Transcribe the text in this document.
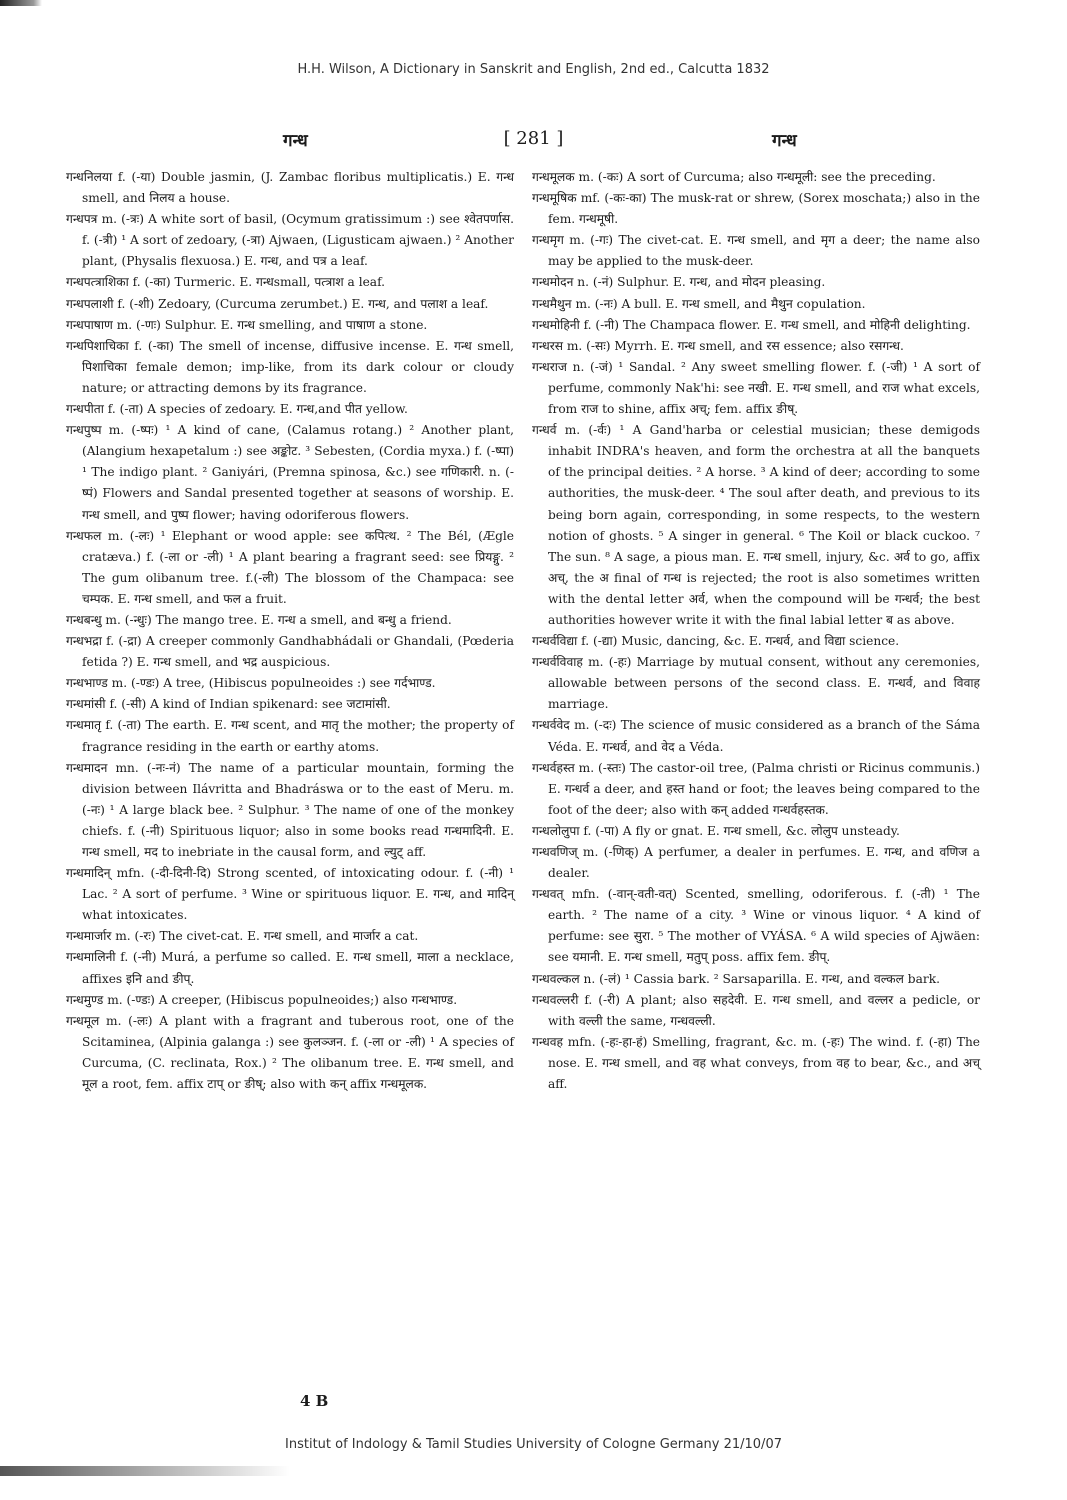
H.H. Wilson, A Dictionary in Sanskrit and English, 2nd ed., Calcutta 1832
गन्ध	[ 281 ]	गन्ध

गन्धनिलया f. (-या) Double jasmin, (J. Zambac floribus multiplicatis.) E. गन्ध smell, and निलय a house.

गन्धपत्र m. (-त्रः) A white sort of basil, (Ocymum gratissimum :) see श्वेतपर्णास. f. (-त्री) ¹ A sort of zedoary, (-त्रा) Ajwaen, (Ligusticam ajwaen.) ² Another plant, (Physalis flexuosa.) E. गन्ध, and पत्र a leaf.

गन्धपत्त्राशिका f. (-का) Turmeric. E. गन्धsmall, पत्त्राश a leaf.

गन्धपलाशी f. (-शी) Zedoary, (Curcuma zerumbet.) E. गन्ध, and पलाश a leaf.

गन्धपाषाण m. (-णः) Sulphur. E. गन्ध smelling, and पाषाण a stone.

गन्धपिशाचिका f. (-का) The smell of incense, diffusive incense. E. गन्ध smell, पिशाचिका female demon; imp-like, from its dark colour or cloudy nature; or attracting demons by its fragrance.

गन्धपीता f. (-ता) A species of zedoary. E. गन्ध,and पीत yellow.

गन्धपुष्प m. (-ष्पः) ¹ A kind of cane, (Calamus rotang.) ² Another plant, (Alangium hexapetalum :) see अङ्कोट. ³ Sebesten, (Cordia myxa.) f. (-ष्पा) ¹ The indigo plant. ² Ganiyári, (Premna spinosa, &c.) see गणिकारी. n. (-ष्पं) Flowers and Sandal presented together at seasons of worship. E. गन्ध smell, and पुष्प flower; having odoriferous flowers.

गन्धफल m. (-लः) ¹ Elephant or wood apple: see कपित्थ. ² The Bél, (Ægle cratæva.) f. (-ला or -ली) ¹ A plant bearing a fragrant seed: see प्रियङ्गु. ² The gum olibanum tree. f.(-ली) The blossom of the Champaca: see चम्पक. E. गन्ध smell, and फल a fruit.

गन्धबन्धु m. (-न्धुः) The mango tree. E. गन्ध a smell, and बन्धु a friend.

गन्धभद्रा f. (-द्रा) A creeper commonly Gandhabhádali or Ghandali, (Pœderia fetida ?) E. गन्ध smell, and भद्र auspicious.

गन्धभाण्ड m. (-ण्डः) A tree, (Hibiscus populneoides :) see गर्दभाण्ड.

गन्धमांसी f. (-सी) A kind of Indian spikenard: see जटामांसी.

गन्धमातृ f. (-ता) The earth. E. गन्ध scent, and मातृ the mother; the property of fragrance residing in the earth or earthy atoms.

गन्धमादन mn. (-नः-नं) The name of a particular mountain, forming the division between Ilávritta and Bhadráswa or to the east of Meru. m. (-नः) ¹ A large black bee. ² Sulphur. ³ The name of one of the monkey chiefs. f. (-नी) Spirituous liquor; also in some books read गन्धमादिनी. E. गन्ध smell, मद to inebriate in the causal form, and ल्युट् aff.

गन्धमादिन् mfn. (-दी-दिनी-दि) Strong scented, of intoxicating odour. f. (-नी) ¹ Lac. ² A sort of perfume. ³ Wine or spirituous liquor. E. गन्ध, and मादिन् what intoxicates.

गन्धमार्जार m. (-रः) The civet-cat. E. गन्ध smell, and मार्जार a cat.

गन्धमालिनी f. (-नी) Murá, a perfume so called. E. गन्ध smell, माला a necklace, affixes इनि and ङीप्.

गन्धमुण्ड m. (-ण्डः) A creeper, (Hibiscus populneoides;) also गन्धभाण्ड.

गन्धमूल m. (-लः) A plant with a fragrant and tuberous root, one of the Scitaminea, (Alpinia galanga :) see कुलञ्जन. f. (-ला or -ली) ¹ A species of Curcuma, (C. reclinata, Rox.) ² The olibanum tree. E. गन्ध smell, and मूल a root, fem. affix टाप् or ङीष्; also with कन् affix गन्धमूलक.

गन्धमूलक m. (-कः) A sort of Curcuma; also गन्धमूली: see the preceding.

गन्धमूषिक mf. (-कः-का) The musk-rat or shrew, (Sorex moschata;) also in the fem. गन्धमूषी.

गन्धमृग m. (-गः) The civet-cat. E. गन्ध smell, and मृग a deer; the name also may be applied to the musk-deer.

गन्धमोदन n. (-नं) Sulphur. E. गन्ध, and मोदन pleasing.

गन्धमैथुन m. (-नः) A bull. E. गन्ध smell, and मैथुन copulation.

गन्धमोहिनी f. (-नी) The Champaca flower. E. गन्ध smell, and मोहिनी delighting.

गन्धरस m. (-सः) Myrrh. E. गन्ध smell, and रस essence; also रसगन्ध.

गन्धराज n. (-जं) ¹ Sandal. ² Any sweet smelling flower. f. (-जी) ¹ A sort of perfume, commonly Nak'hi: see नखी. E. गन्ध smell, and राज what excels, from राज to shine, affix अच्; fem. affix ङीष्.

गन्धर्व m. (-र्वः) ¹ A Gand'harba or celestial musician; these demigods inhabit INDRA's heaven, and form the orchestra at all the banquets of the principal deities. ² A horse. ³ A kind of deer; according to some authorities, the musk-deer. ⁴ The soul after death, and previous to its being born again, corresponding, in some respects, to the western notion of ghosts. ⁵ A singer in general. ⁶ The Koil or black cuckoo. ⁷ The sun. ⁸ A sage, a pious man. E. गन्ध smell, injury, &c. अर्व to go, affix अच्, the अ final of गन्ध is rejected; the root is also sometimes written with the dental letter अर्व, when the compound will be गन्धर्व; the best authorities however write it with the final labial letter ब as above.

गन्धर्वविद्या f. (-द्या) Music, dancing, &c. E. गन्धर्व, and विद्या science.

गन्धर्वविवाह m. (-हः) Marriage by mutual consent, without any ceremonies, allowable between persons of the second class. E. गन्धर्व, and विवाह marriage.

गन्धर्ववेद m. (-दः) The science of music considered as a branch of the Sáma Véda. E. गन्धर्व, and वेद a Véda.

गन्धर्वहस्त m. (-स्तः) The castor-oil tree, (Palma christi or Ricinus communis.) E. गन्धर्व a deer, and हस्त hand or foot; the leaves being compared to the foot of the deer; also with कन् added गन्धर्वहस्तक.

गन्धलोलुपा f. (-पा) A fly or gnat. E. गन्ध smell, &c. लोलुप unsteady.

गन्धवणिज् m. (-णिक्) A perfumer, a dealer in perfumes. E. गन्ध, and वणिज a dealer.

गन्धवत् mfn. (-वान्-वती-वत्) Scented, smelling, odoriferous. f. (-ती) ¹ The earth. ² The name of a city. ³ Wine or vinous liquor. ⁴ A kind of perfume: see सुरा. ⁵ The mother of VYÁSA. ⁶ A wild species of Ajwäen: see यमानी. E. गन्ध smell, मतुप् poss. affix fem. ङीप्.

गन्धवल्कल n. (-लं) ¹ Cassia bark. ² Sarsaparilla. E. गन्ध, and वल्कल bark.

गन्धवल्लरी f. (-री) A plant; also सहदेवी. E. गन्ध smell, and वल्लर a pedicle, or with वल्ली the same, गन्धवल्ली.

गन्धवह mfn. (-हः-हा-हं) Smelling, fragrant, &c. m. (-हः) The wind. f. (-हा) The nose. E. गन्ध smell, and वह what conveys, from वह to bear, &c., and अच् aff.

4 B
Institut of Indology & Tamil Studies University of Cologne Germany 21/10/07
